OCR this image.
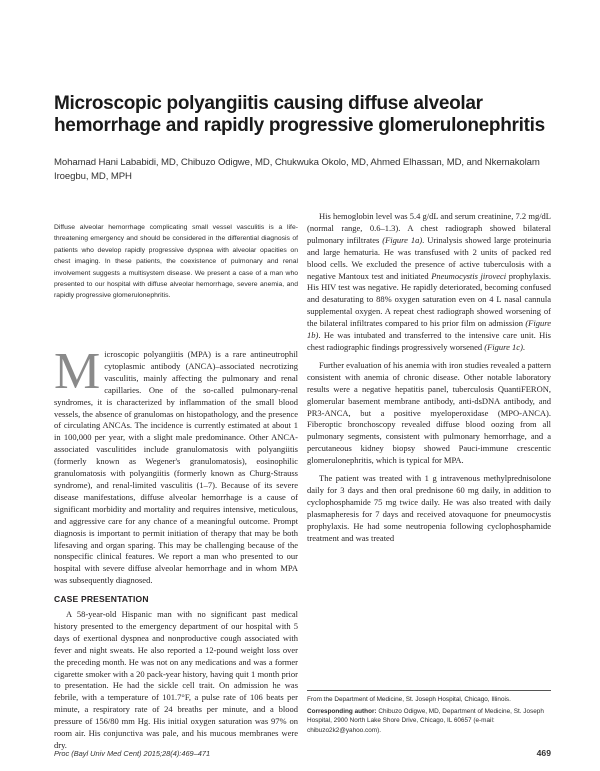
Microscopic polyangiitis causing diffuse alveolar hemorrhage and rapidly progressive glomerulonephritis
Mohamad Hani Lababidi, MD, Chibuzo Odigwe, MD, Chukwuka Okolo, MD, Ahmed Elhassan, MD, and Nkemakolam Iroegbu, MD, MPH
Diffuse alveolar hemorrhage complicating small vessel vasculitis is a life-threatening emergency and should be considered in the differential diagnosis of patients who develop rapidly progressive dyspnea with alveolar opacities on chest imaging. In these patients, the coexistence of pulmonary and renal involvement suggests a multisystem disease. We present a case of a man who presented to our hospital with diffuse alveolar hemorrhage, severe anemia, and rapidly progressive glomerulonephritis.

Microscopic polyangiitis (MPA) is a rare antineutrophil cytoplasmic antibody (ANCA)–associated necrotizing vasculitis, mainly affecting the pulmonary and renal capillaries. One of the so-called pulmonary-renal syndromes, it is characterized by inflammation of the small blood vessels, the absence of granulomas on histopathology, and the presence of circulating ANCAs. The incidence is currently estimated at about 1 in 100,000 per year, with a slight male predominance. Other ANCA-associated vasculitides include granulomatosis with polyangiitis (formerly known as Wegener's granulomatosis), eosinophilic granulomatosis with polyangiitis (formerly known as Churg-Strauss syndrome), and renal-limited vasculitis (1–7). Because of its severe disease manifestations, diffuse alveolar hemorrhage is a cause of significant morbidity and mortality and requires intensive, meticulous, and aggressive care for any chance of a meaningful outcome. Prompt diagnosis is important to permit initiation of therapy that may be both lifesaving and organ sparing. This may be challenging because of the nonspecific clinical features. We report a man who presented to our hospital with severe diffuse alveolar hemorrhage and in whom MPA was subsequently diagnosed.

CASE PRESENTATION

A 58-year-old Hispanic man with no significant past medical history presented to the emergency department of our hospital with 5 days of exertional dyspnea and nonproductive cough associated with fever and night sweats. He also reported a 12-pound weight loss over the preceding month. He was not on any medications and was a former cigarette smoker with a 20 pack-year history, having quit 1 month prior to presentation. He had the sickle cell trait. On admission he was febrile, with a temperature of 101.7°F, a pulse rate of 106 beats per minute, a respiratory rate of 24 breaths per minute, and a blood pressure of 156/80 mm Hg. His initial oxygen saturation was 97% on room air. His conjunctiva was pale, and his mucous membranes were dry.

His hemoglobin level was 5.4 g/dL and serum creatinine, 7.2 mg/dL (normal range, 0.6–1.3). A chest radiograph showed bilateral pulmonary infiltrates (Figure 1a). Urinalysis showed large proteinuria and large hematuria. He was transfused with 2 units of packed red blood cells. We excluded the presence of active tuberculosis with a negative Mantoux test and initiated Pneumocystis jiroveci prophylaxis. His HIV test was negative. He rapidly deteriorated, becoming confused and desaturating to 88% oxygen saturation even on 4 L nasal cannula supplemental oxygen. A repeat chest radiograph showed worsening of the bilateral infiltrates compared to his prior film on admission (Figure 1b). He was intubated and transferred to the intensive care unit. His chest radiographic findings progressively worsened (Figure 1c).

Further evaluation of his anemia with iron studies revealed a pattern consistent with anemia of chronic disease. Other notable laboratory results were a negative hepatitis panel, tuberculosis QuantiFERON, glomerular basement membrane antibody, anti-dsDNA antibody, and PR3-ANCA, but a positive myeloperoxidase (MPO-ANCA). Fiberoptic bronchoscopy revealed diffuse blood oozing from all pulmonary segments, consistent with pulmonary hemorrhage, and a percutaneous kidney biopsy showed Pauci-immune crescentic glomerulonephritis, which is typical for MPA.

The patient was treated with 1 g intravenous methylprednisolone daily for 3 days and then oral prednisone 60 mg daily, in addition to cyclophosphamide 75 mg twice daily. He was also treated with daily plasmapheresis for 7 days and received atovaquone for pneumocystis prophylaxis. He had some neutropenia following cyclophosphamide treatment and was treated

From the Department of Medicine, St. Joseph Hospital, Chicago, Illinois.
Corresponding author: Chibuzo Odigwe, MD, Department of Medicine, St. Joseph Hospital, 2900 North Lake Shore Drive, Chicago, IL 60657 (e-mail: chibuzo2k2@yahoo.com).
Proc (Bayl Univ Med Cent) 2015;28(4):469–471	469
